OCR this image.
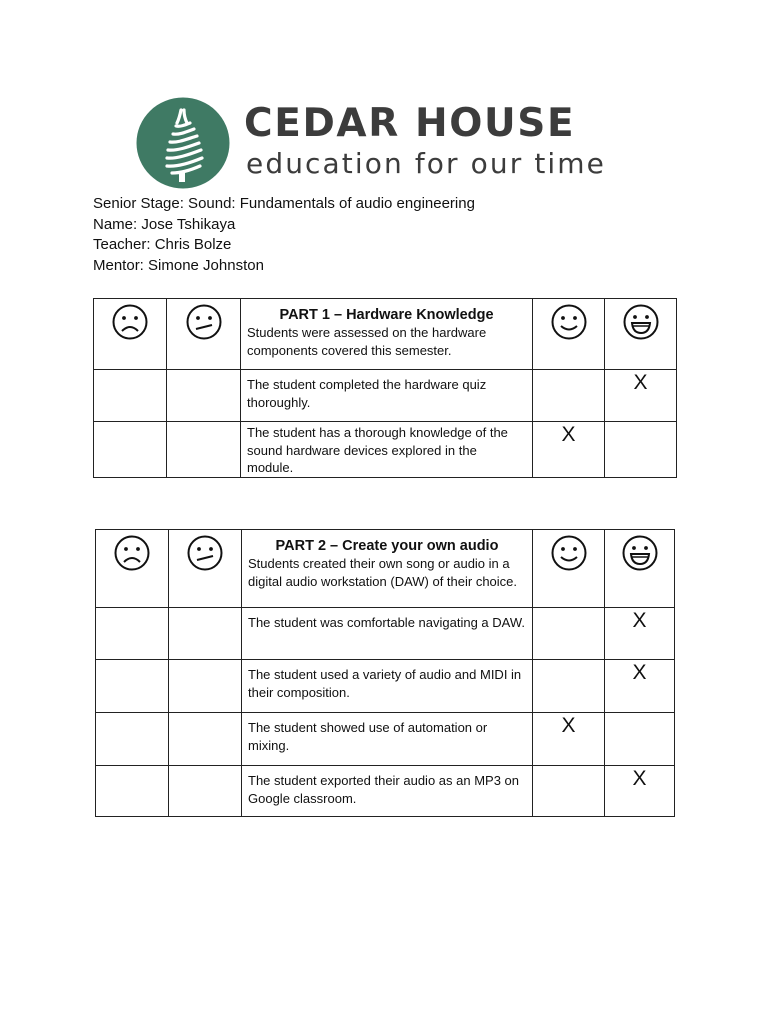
CEDAR HOUSE
education for our time
Senior Stage: Sound: Fundamentals of audio engineering
Name: Jose Tshikaya
Teacher: Chris Bolze
Mentor: Simone Johnston

PART 1 – Hardware Knowledge
Students were assessed on the hardware components covered this semester.

		The student completed the hardware quiz thoroughly.		X
		The student has a thorough knowledge of the sound hardware devices explored in the module.	X	

PART 2 – Create your own audio
Students created their own song or audio in a digital audio workstation (DAW) of their choice.

		The student was comfortable navigating a DAW.		X
		The student used a variety of audio and MIDI in their composition.		X
		The student showed use of automation or mixing.	X	
		The student exported their audio as an MP3 on Google classroom.		X
